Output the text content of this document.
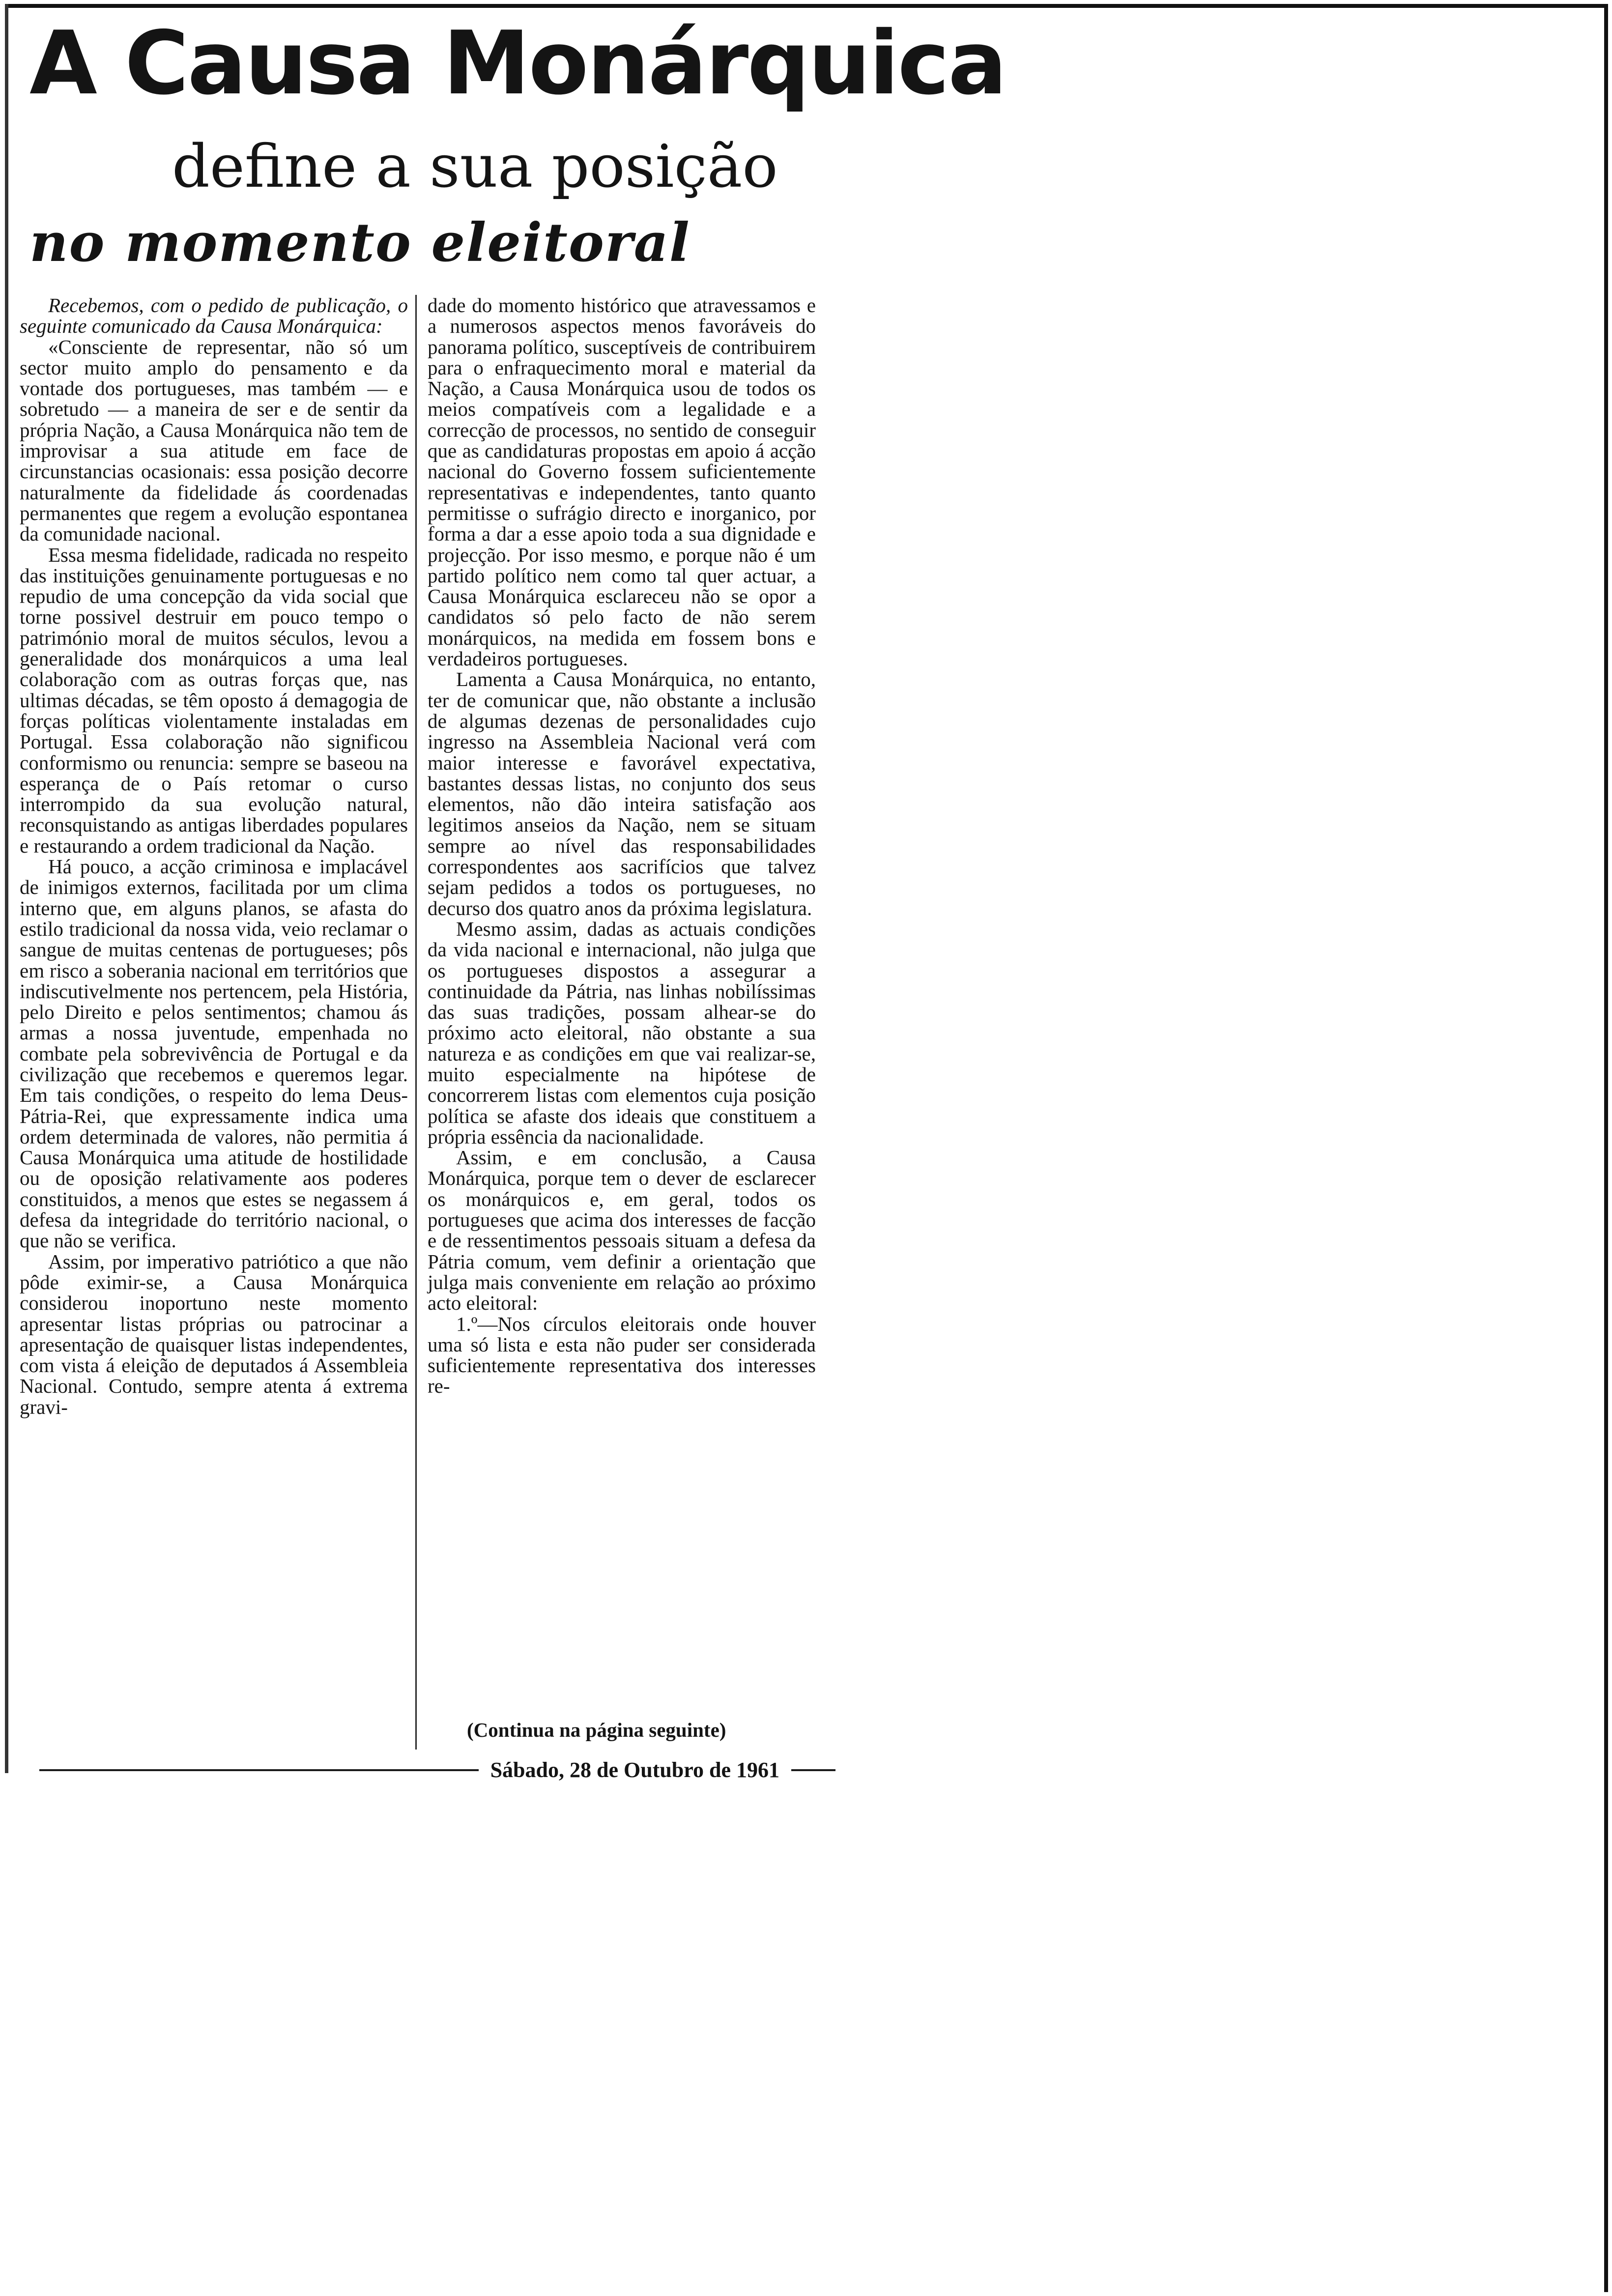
A Causa Monárquica
define a sua posição
no momento eleitoral

Recebemos, com o pedido de publicação, o seguinte comunicado da Causa Monárquica:

«Consciente de representar, não só um sector muito amplo do pensamento e da vontade dos portugueses, mas também — e sobretudo — a maneira de ser e de sentir da própria Nação, a Causa Monárquica não tem de improvisar a sua atitude em face de circunstancias ocasionais: essa posição decorre naturalmente da fidelidade ás coordenadas permanentes que regem a evolução espontanea da comunidade nacional.

Essa mesma fidelidade, radicada no respeito das instituições genuinamente portuguesas e no repudio de uma concepção da vida social que torne possivel destruir em pouco tempo o património moral de muitos séculos, levou a generalidade dos monárquicos a uma leal colaboração com as outras forças que, nas ultimas décadas, se têm oposto á demagogia de forças políticas violentamente instaladas em Portugal. Essa colaboração não significou conformismo ou renuncia: sempre se baseou na esperança de o País retomar o curso interrompido da sua evolução natural, reconsquistando as antigas liberdades populares e restaurando a ordem tradicional da Nação.

Há pouco, a acção criminosa e implacável de inimigos externos, facilitada por um clima interno que, em alguns planos, se afasta do estilo tradicional da nossa vida, veio reclamar o sangue de muitas centenas de portugueses; pôs em risco a soberania nacional em territórios que indiscutivelmente nos pertencem, pela História, pelo Direito e pelos sentimentos; chamou ás armas a nossa juventude, empenhada no combate pela sobrevivência de Portugal e da civilização que recebemos e queremos legar. Em tais condições, o respeito do lema Deus-Pátria-Rei, que expressamente indica uma ordem determinada de valores, não permitia á Causa Monárquica uma atitude de hostilidade ou de oposição relativamente aos poderes constituidos, a menos que estes se negassem á defesa da integridade do território nacional, o que não se verifica.

Assim, por imperativo patriótico a que não pôde eximir-se, a Causa Monárquica considerou inoportuno neste momento apresentar listas próprias ou patrocinar a apresentação de quaisquer listas independentes, com vista á eleição de deputados á Assembleia Nacional. Contudo, sempre atenta á extrema gravi-

dade do momento histórico que atravessamos e a numerosos aspectos menos favoráveis do panorama político, susceptíveis de contribuirem para o enfraquecimento moral e material da Nação, a Causa Monárquica usou de todos os meios compatíveis com a legalidade e a correcção de processos, no sentido de conseguir que as candidaturas propostas em apoio á acção nacional do Governo fossem suficientemente representativas e independentes, tanto quanto permitisse o sufrágio directo e inorganico, por forma a dar a esse apoio toda a sua dignidade e projecção. Por isso mesmo, e porque não é um partido político nem como tal quer actuar, a Causa Monárquica esclareceu não se opor a candidatos só pelo facto de não serem monárquicos, na medida em fossem bons e verdadeiros portugueses.

Lamenta a Causa Monárquica, no entanto, ter de comunicar que, não obstante a inclusão de algumas dezenas de personalidades cujo ingresso na Assembleia Nacional verá com maior interesse e favorável expectativa, bastantes dessas listas, no conjunto dos seus elementos, não dão inteira satisfação aos legitimos anseios da Nação, nem se situam sempre ao nível das responsabilidades correspondentes aos sacrifícios que talvez sejam pedidos a todos os portugueses, no decurso dos quatro anos da próxima legislatura.

Mesmo assim, dadas as actuais condições da vida nacional e internacional, não julga que os portugueses dispostos a assegurar a continuidade da Pátria, nas linhas nobilíssimas das suas tradições, possam alhear-se do próximo acto eleitoral, não obstante a sua natureza e as condições em que vai realizar-se, muito especialmente na hipótese de concorrerem listas com elementos cuja posição política se afaste dos ideais que constituem a própria essência da nacionalidade.

Assim, e em conclusão, a Causa Monárquica, porque tem o dever de esclarecer os monárquicos e, em geral, todos os portugueses que acima dos interesses de facção e de ressentimentos pessoais situam a defesa da Pátria comum, vem definir a orientação que julga mais conveniente em relação ao próximo acto eleitoral:

1.º—Nos círculos eleitorais onde houver uma só lista e esta não puder ser considerada suficientemente representativa dos interesses re-

(Continua na página seguinte)

Sábado, 28 de Outubro de 1961
